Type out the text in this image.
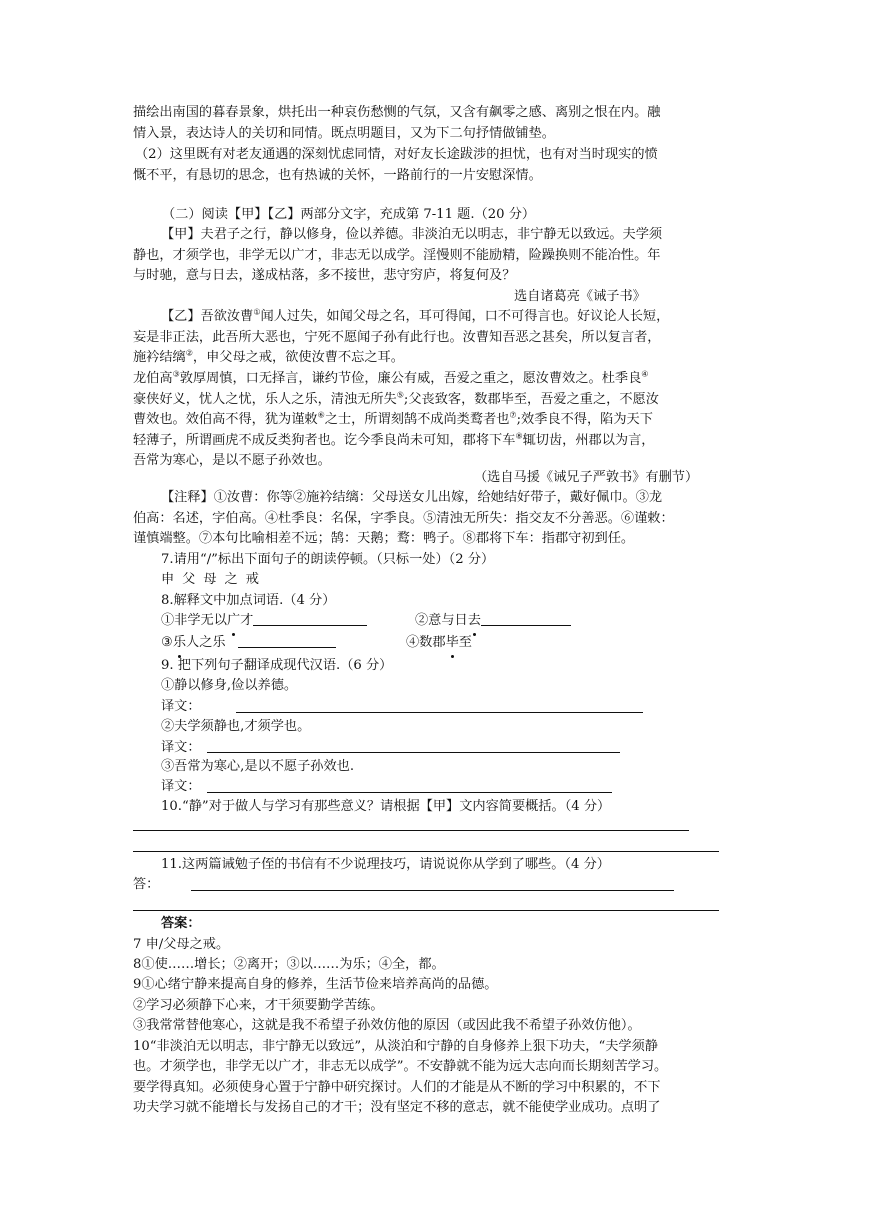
描绘出南国的暮春景象，烘托出一种哀伤愁恻的气氛，又含有飙零之感、离别之恨在内。融
情入景，表达诗人的关切和同情。既点明题目，又为下二句抒情做铺垫。
（2）这里既有对老友通遇的深刻忧虑同情，对好友长途跋涉的担忧，也有对当时现实的愤
慨不平，有恳切的思念，也有热诚的关怀，一路前行的一片安慰深情。
（二）阅读【甲】【乙】两部分文字，充成第 7-11 题.（20 分）
【甲】夫君子之行，静以修身，俭以养德。非淡泊无以明志，非宁静无以致远。夫学须
静也，才须学也，非学无以广才，非志无以成学。淫慢则不能励精，险躁换则不能冶性。年
与时驰，意与日去，遂成枯落，多不接世，悲守穷庐，将复何及？
选自诸葛亮《诫子书》
【乙】吾欲汝曹①闻人过失，如闻父母之名，耳可得闻，口不可得言也。好议论人长短，
妄是非正法，此吾所大恶也，宁死不愿闻子孙有此行也。汝曹知吾恶之甚矣，所以复言者，
施衿结缡②，申父母之戒，欲使汝曹不忘之耳。
龙伯高③敦厚周慎，口无择言，谦约节俭，廉公有威，吾爱之重之，愿汝曹效之。杜季良④
豪侠好义，忧人之忧，乐人之乐，清浊无所失⑤;父丧致客，数郡毕至，吾爱之重之，不愿汝
曹效也。效伯高不得，犹为谨敕⑥之士，所谓刻鹄不成尚类鹜者也⑦;效季良不得，陷为天下
轻薄子，所谓画虎不成反类狗者也。讫今季良尚未可知，郡将下车⑧辄切齿，州郡以为言，
吾常为寒心，是以不愿子孙效也。
（选自马援《诫兄子严敦书》有删节）
【注释】①汝曹：你等②施衿结缡：父母送女儿出嫁，给她结好带子，戴好佩巾。③龙
伯高：名述，字伯高。④杜季良：名保，字季良。⑤清浊无所失：指交友不分善恶。⑥谨敕：
谨慎端整。⑦本句比喻相差不远；鹄：天鹅；鹜：鸭子。⑧郡将下车：指郡守初到任。
7.请用“/”标出下面句子的朗读停顿。（只标一处）（2 分）
申父母之戒
8.解释文中加点词语.（4 分）
①非学无以广才	②意与日去
③乐人之乐	④数郡毕至
9. 把下列句子翻译成现代汉语.（6 分）
①静以修身,俭以养德。
译文：
②夫学须静也,才须学也。
译文：
③吾常为寒心,是以不愿子孙效也.
译文：
10.“静”对于做人与学习有那些意义？请根据【甲】文内容简要概括。（4 分）
11.这两篇诫勉子侄的书信有不少说理技巧，请说说你从学到了哪些。（4 分）
答：
答案：
7 申/父母之戒。
8①使……增长；②离开；③以……为乐；④全，都。
9①心绪宁静来提高自身的修养，生活节俭来培养高尚的品德。
②学习必须静下心来，才干须要勤学苦练。
③我常常替他寒心，这就是我不希望子孙效仿他的原因（或因此我不希望子孙效仿他）。
10“非淡泊无以明志，非宁静无以致远”，从淡泊和宁静的自身修养上狠下功夫，“夫学须静
也。才须学也，非学无以广才，非志无以成学”。不安静就不能为远大志向而长期刻苦学习。
要学得真知。必须使身心置于宁静中研究探讨。人们的才能是从不断的学习中积累的，不下
功夫学习就不能增长与发扬自己的才干；没有坚定不移的意志，就不能使学业成功。点明了
